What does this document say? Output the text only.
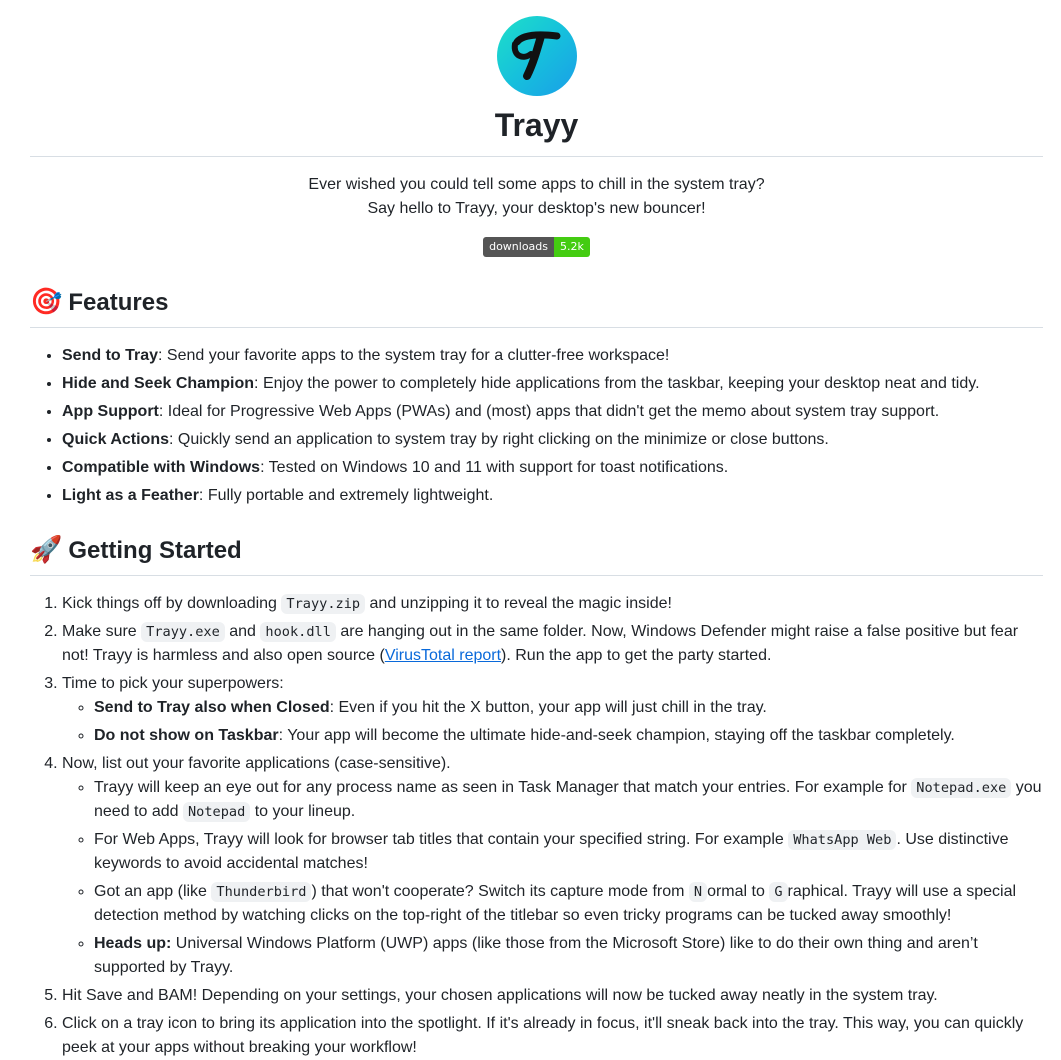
Trayy
Ever wished you could tell some apps to chill in the system tray?
Say hello to Trayy, your desktop's new bouncer!
downloads	5.2k
🎯 Features
• Send to Tray: Send your favorite apps to the system tray for a clutter-free workspace!
• Hide and Seek Champion: Enjoy the power to completely hide applications from the taskbar, keeping your desktop neat and tidy.
• App Support: Ideal for Progressive Web Apps (PWAs) and (most) apps that didn't get the memo about system tray support.
• Quick Actions: Quickly send an application to system tray by right clicking on the minimize or close buttons.
• Compatible with Windows: Tested on Windows 10 and 11 with support for toast notifications.
• Light as a Feather: Fully portable and extremely lightweight.
🚀 Getting Started
1. Kick things off by downloading Trayy.zip and unzipping it to reveal the magic inside!
2. Make sure Trayy.exe and hook.dll are hanging out in the same folder. Now, Windows Defender might raise a false positive but fear not! Trayy is harmless and also open source (VirusTotal report). Run the app to get the party started.
3. Time to pick your superpowers:
◦ Send to Tray also when Closed: Even if you hit the X button, your app will just chill in the tray.
◦ Do not show on Taskbar: Your app will become the ultimate hide-and-seek champion, staying off the taskbar completely.
4. Now, list out your favorite applications (case-sensitive).
◦ Trayy will keep an eye out for any process name as seen in Task Manager that match your entries. For example for Notepad.exe you need to add Notepad to your lineup.
◦ For Web Apps, Trayy will look for browser tab titles that contain your specified string. For example WhatsApp Web . Use distinctive keywords to avoid accidental matches!
◦ Got an app (like Thunderbird ) that won't cooperate? Switch its capture mode from N ormal to G raphical. Trayy will use a special detection method by watching clicks on the top-right of the titlebar so even tricky programs can be tucked away smoothly!
◦ Heads up: Universal Windows Platform (UWP) apps (like those from the Microsoft Store) like to do their own thing and aren’t supported by Trayy.
5. Hit Save and BAM! Depending on your settings, your chosen applications will now be tucked away neatly in the system tray.
6. Click on a tray icon to bring its application into the spotlight. If it's already in focus, it'll sneak back into the tray. This way, you can quickly peek at your apps without breaking your workflow!
